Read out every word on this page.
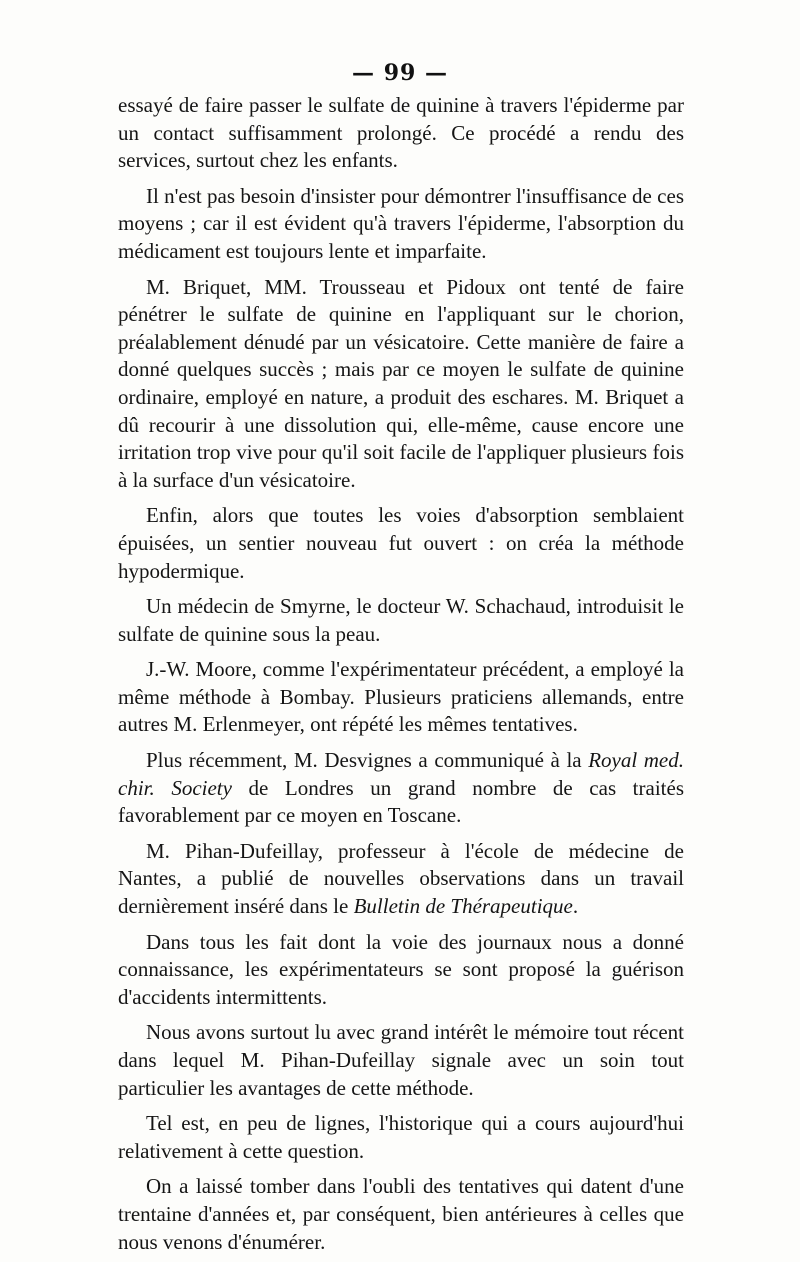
— 99 —

essayé de faire passer le sulfate de quinine à travers l'épiderme par un contact suffisamment prolongé. Ce procédé a rendu des services, surtout chez les enfants.

Il n'est pas besoin d'insister pour démontrer l'insuffisance de ces moyens ; car il est évident qu'à travers l'épiderme, l'absorption du médicament est toujours lente et imparfaite.

M. Briquet, MM. Trousseau et Pidoux ont tenté de faire pénétrer le sulfate de quinine en l'appliquant sur le chorion, préalablement dénudé par un vésicatoire. Cette manière de faire a donné quelques succès ; mais par ce moyen le sulfate de quinine ordinaire, employé en nature, a produit des eschares. M. Briquet a dû recourir à une dissolution qui, elle-même, cause encore une irritation trop vive pour qu'il soit facile de l'appliquer plusieurs fois à la surface d'un vésicatoire.

Enfin, alors que toutes les voies d'absorption semblaient épuisées, un sentier nouveau fut ouvert : on créa la méthode hypodermique.

Un médecin de Smyrne, le docteur W. Schachaud, introduisit le sulfate de quinine sous la peau.

J.-W. Moore, comme l'expérimentateur précédent, a employé la même méthode à Bombay. Plusieurs praticiens allemands, entre autres M. Erlenmeyer, ont répété les mêmes tentatives.

Plus récemment, M. Desvignes a communiqué à la Royal med. chir. Society de Londres un grand nombre de cas traités favorablement par ce moyen en Toscane.

M. Pihan-Dufeillay, professeur à l'école de médecine de Nantes, a publié de nouvelles observations dans un travail dernièrement inséré dans le Bulletin de Thérapeutique.

Dans tous les fait dont la voie des journaux nous a donné connaissance, les expérimentateurs se sont proposé la guérison d'accidents intermittents.

Nous avons surtout lu avec grand intérêt le mémoire tout récent dans lequel M. Pihan-Dufeillay signale avec un soin tout particulier les avantages de cette méthode.

Tel est, en peu de lignes, l'historique qui a cours aujourd'hui relativement à cette question.

On a laissé tomber dans l'oubli des tentatives qui datent d'une trentaine d'années et, par conséquent, bien antérieures à celles que nous venons d'énumérer.
